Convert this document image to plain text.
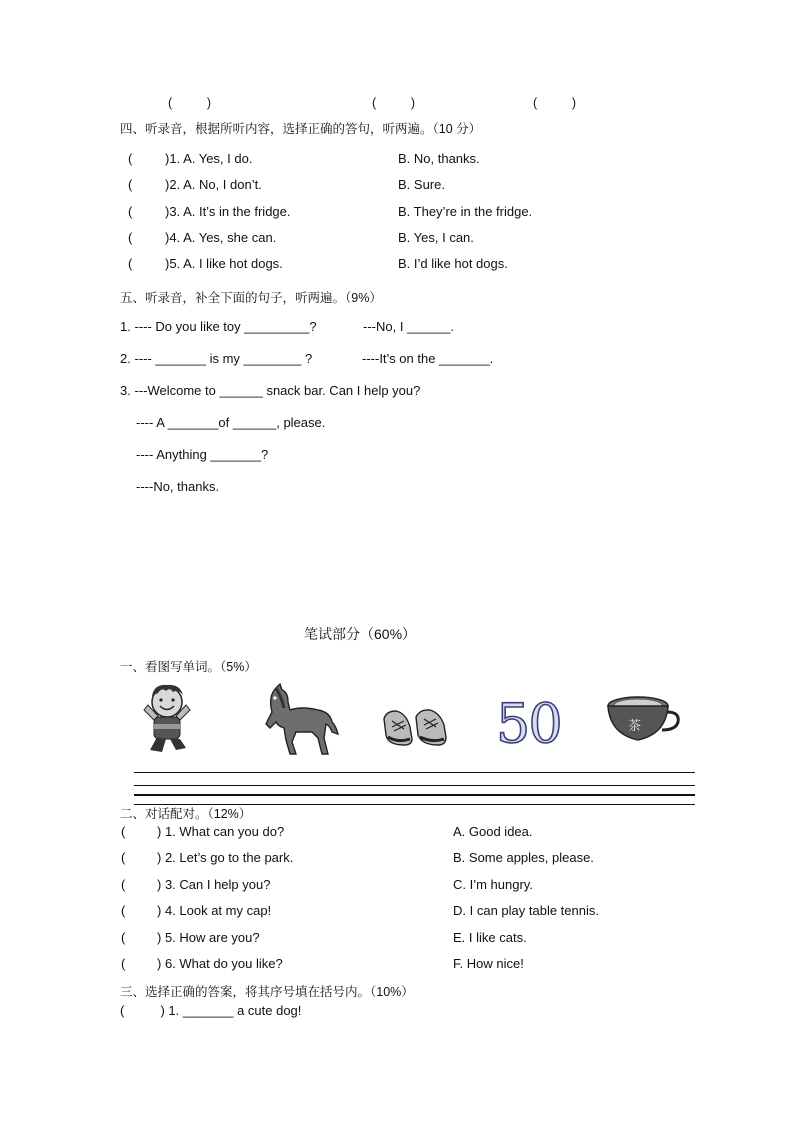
(          )	(          )	(          )
四、听录音，根据所听内容，选择正确的答句，听两遍。（10 分）
(	)1. A. Yes, I do.	B. No, thanks.
(	)2. A. No, I don’t.	B. Sure.
(	)3. A. It’s in the fridge.	B. They’re in the fridge.
(	)4. A. Yes, she can.	B. Yes, I can.
(	)5. A. I like hot dogs.	B. I’d like hot dogs.
五、听录音，补全下面的句子，听两遍。（9%）
1. ---- Do you like toy _________?	---No, I ______.
2. ---- _______ is my ________ ?	----It’s on the _______.
3. ---Welcome to ______ snack bar. Can I help you?
---- A _______of ______, please.
---- Anything _______?
----No, thanks.
笔试部分（60%）
一、看图写单词。（5%）
50	茶
二、对话配对。（12%）
( ) 1. What can you do?	A. Good idea.
( ) 2. Let’s go to the park.	B. Some apples, please.
( ) 3. Can I help you?	C. I’m hungry.
( ) 4. Look at my cap!	D. I can play table tennis.
( ) 5. How are you?	E. I like cats.
( ) 6. What do you like?	F. How nice!
三、选择正确的答案，将其序号填在括号内。（10%）
(          ) 1. _______ a cute dog!
